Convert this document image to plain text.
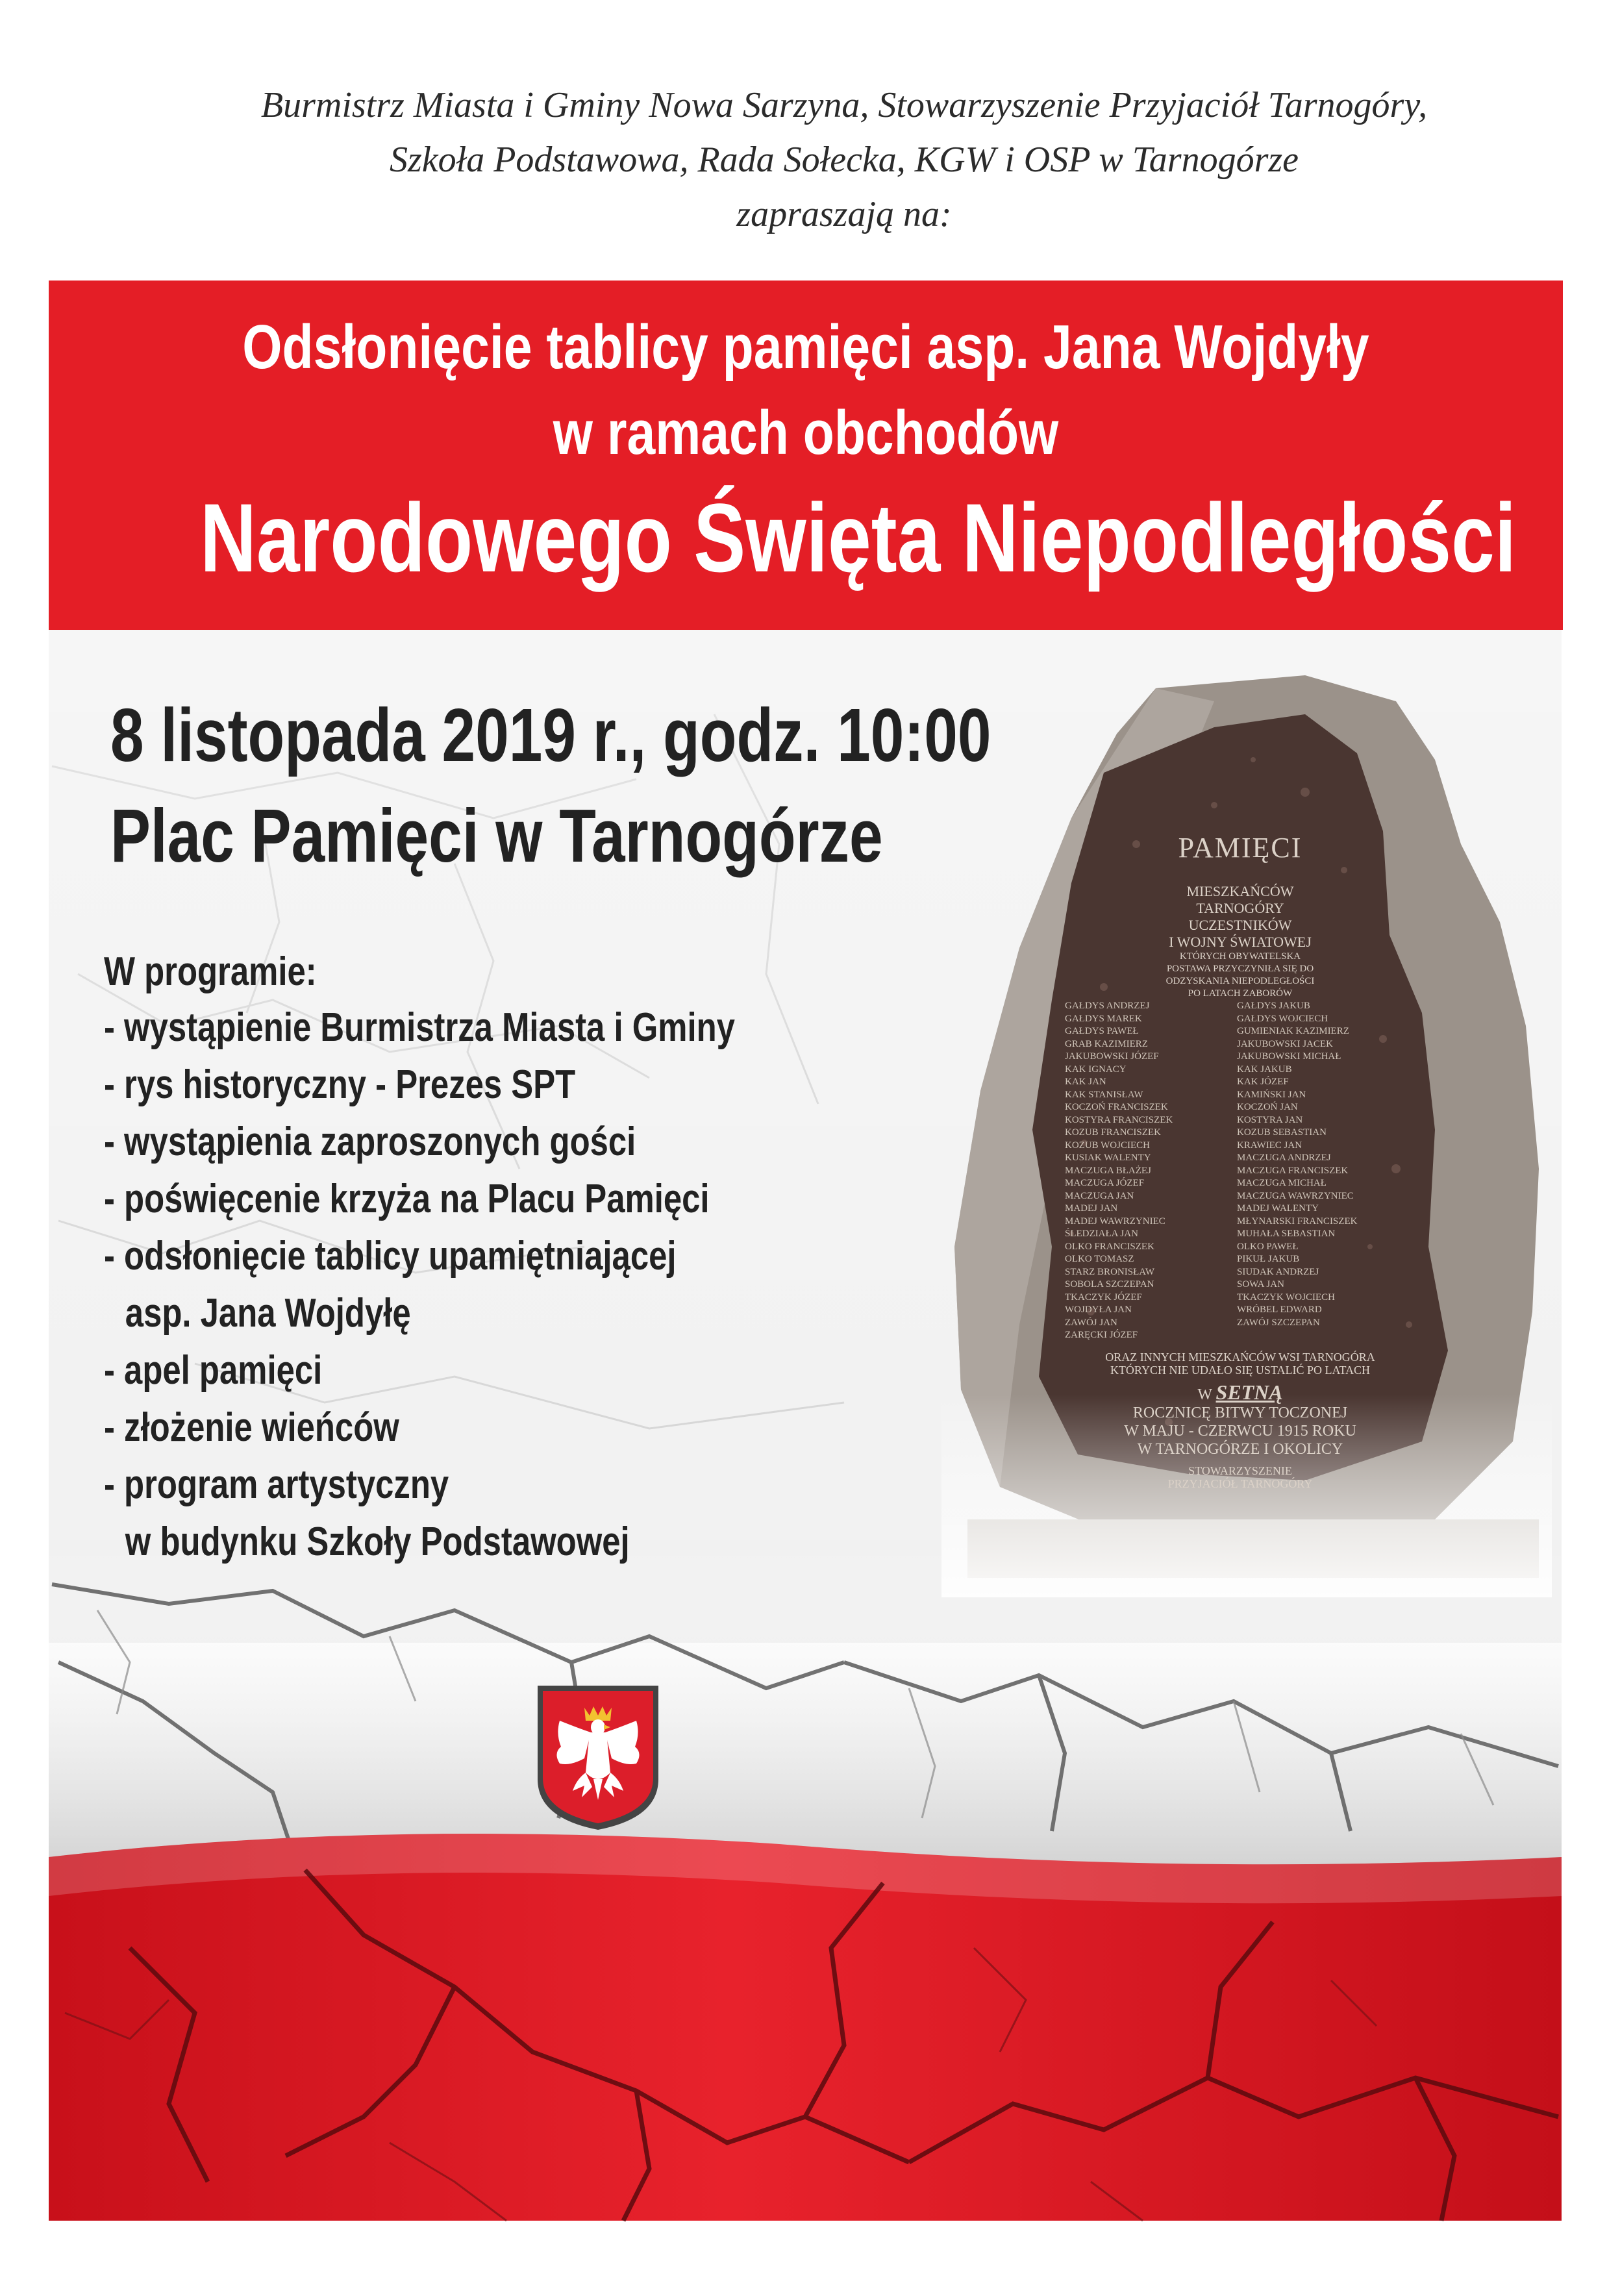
Burmistrz Miasta i Gminy Nowa Sarzyna, Stowarzyszenie Przyjaciół Tarnogóry,
Szkoła Podstawowa, Rada Sołecka, KGW i OSP w Tarnogórze
zapraszają na:
Odsłonięcie tablicy pamięci asp. Jana Wojdyły
w ramach obchodów
Narodowego Święta Niepodległości
PAMIĘCI
MIESZKAŃCÓW
TARNOGÓRY
UCZESTNIKÓW
I WOJNY ŚWIATOWEJ
KTÓRYCH OBYWATELSKA
POSTAWA PRZYCZYNIŁA SIĘ DO
ODZYSKANIA NIEPODLEGŁOŚCI
PO LATACH ZABORÓW
GAŁDYS ANDRZEJ
GAŁDYS MAREK
GAŁDYS PAWEŁ
GRAB KAZIMIERZ
JAKUBOWSKI JÓZEF
KAK IGNACY
KAK JAN
KAK STANISŁAW
KOCZOŃ FRANCISZEK
KOSTYRA FRANCISZEK
KOZUB FRANCISZEK
KOZUB WOJCIECH
KUSIAK WALENTY
MACZUGA BŁAŻEJ
MACZUGA JÓZEF
MACZUGA JAN
MADEJ JAN
MADEJ WAWRZYNIEC
ŚLEDZIAŁA JAN
OLKO FRANCISZEK
OLKO TOMASZ
STARZ BRONISŁAW
SOBOLA SZCZEPAN
TKACZYK JÓZEF
WOJDYŁA JAN
ZAWÓJ JAN
ZARĘCKI JÓZEF
GAŁDYS JAKUB
GAŁDYS WOJCIECH
GUMIENIAK KAZIMIERZ
JAKUBOWSKI JACEK
JAKUBOWSKI MICHAŁ
KAK JAKUB
KAK JÓZEF
KAMIŃSKI JAN
KOCZOŃ JAN
KOSTYRA JAN
KOZUB SEBASTIAN
KRAWIEC JAN
MACZUGA ANDRZEJ
MACZUGA FRANCISZEK
MACZUGA MICHAŁ
MACZUGA WAWRZYNIEC
MADEJ WALENTY
MŁYNARSKI FRANCISZEK
MUHAŁA SEBASTIAN
OLKO PAWEŁ
PIKUŁ JAKUB
SIUDAK ANDRZEJ
SOWA JAN
TKACZYK WOJCIECH
WRÓBEL EDWARD
ZAWÓJ SZCZEPAN
ORAZ INNYCH MIESZKAŃCÓW WSI TARNOGÓRA
KTÓRYCH NIE UDAŁO SIĘ USTALIĆ PO LATACH
W SETNĄ
ROCZNICĘ BITWY TOCZONEJ
W MAJU - CZERWCU 1915 ROKU
W TARNOGÓRZE I OKOLICY
STOWARZYSZENIE
PRZYJACIÓŁ TARNOGÓRY
8 listopada 2019 r., godz. 10:00
Plac Pamięci w Tarnogórze
W programie:
- wystąpienie Burmistrza Miasta i Gminy
- rys historyczny - Prezes SPT
- wystąpienia zaproszonych gości
- poświęcenie krzyża na Placu Pamięci
- odsłonięcie tablicy upamiętniającej
asp. Jana Wojdyłę
- apel pamięci
- złożenie wieńców
- program artystyczny
w budynku Szkoły Podstawowej
